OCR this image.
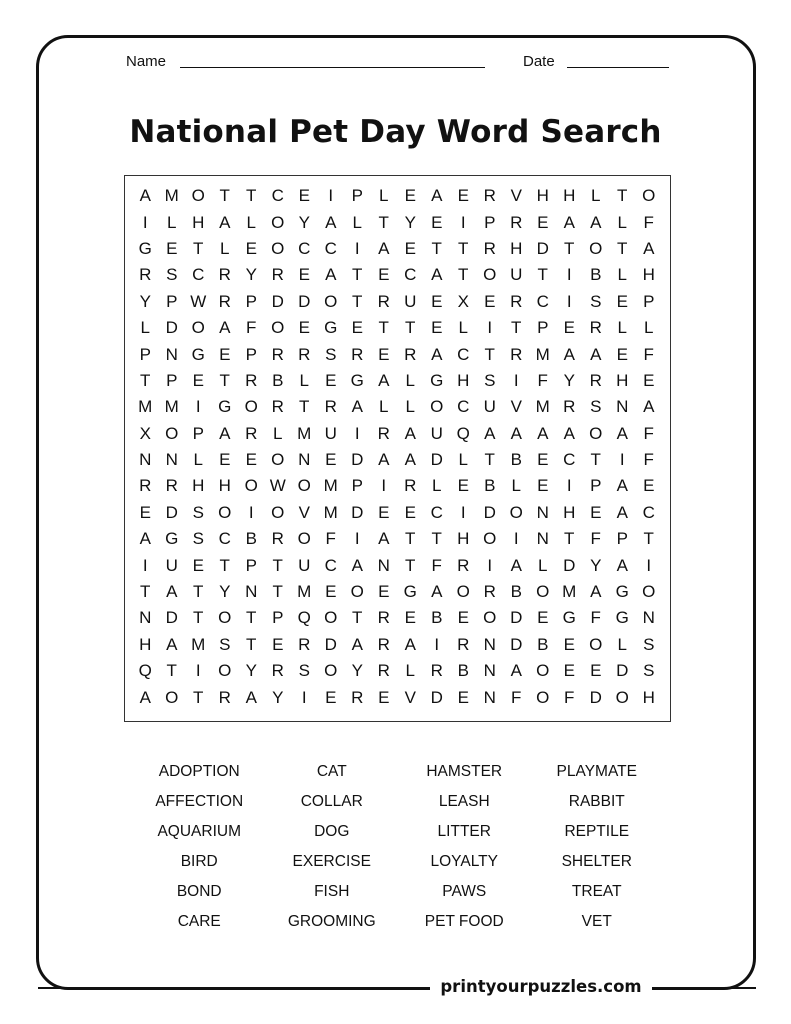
Name	Date
National Pet Day Word Search
A M O T T C E	I	P L E A E R V H H L T O
I	L H A L O Y A L T Y E	I	P R E A A L F
G E T L E O C C	I	A E T T R H D T O T A
R S C R Y R E A T E C A T O U T	I	B L H
Y P W R P D D O T R U E X E R C	I	S E P
L D O A F O E G E T T E L	I	T P E R L	L
P N G E P R R S R E R A C T R M A A E F
T P E T R B L E G A L G H S	I	F Y R H E
M M	I	G O R T R A L	L O C U V M R S N A
X O P A R L M U	I	R A U Q A A A A O A F
N N L E E O N E D A A D L T B E C T	I	F
R R H H O W O M P	I	R L E B L E	I	P A E
E D S O	I	O V M D E E C	I	D O N H E A C
A G S C B R O F	I	A T T H O	I	N T F P T
I	U E T P T U C A N T F R	I	A L D Y A	I
T A T Y N T M E O E G A O R B O M A G O
N D T O T P Q O T R E B E O D E G F G N
H A M S T E R D A R A	I	R N D B E O L S
Q T	I	O Y R S O Y R L R B N A O E E D S
A O T R A Y	I	E R E V D E N F O F D O H
ADOPTION
AFFECTION
AQUARIUM
BIRD
BOND
CARE
CAT
COLLAR
DOG
EXERCISE
FISH
GROOMING
HAMSTER
LEASH
LITTER
LOYALTY
PAWS
PET FOOD
PLAYMATE
RABBIT
REPTILE
SHELTER
TREAT
VET
printyourpuzzles.com
